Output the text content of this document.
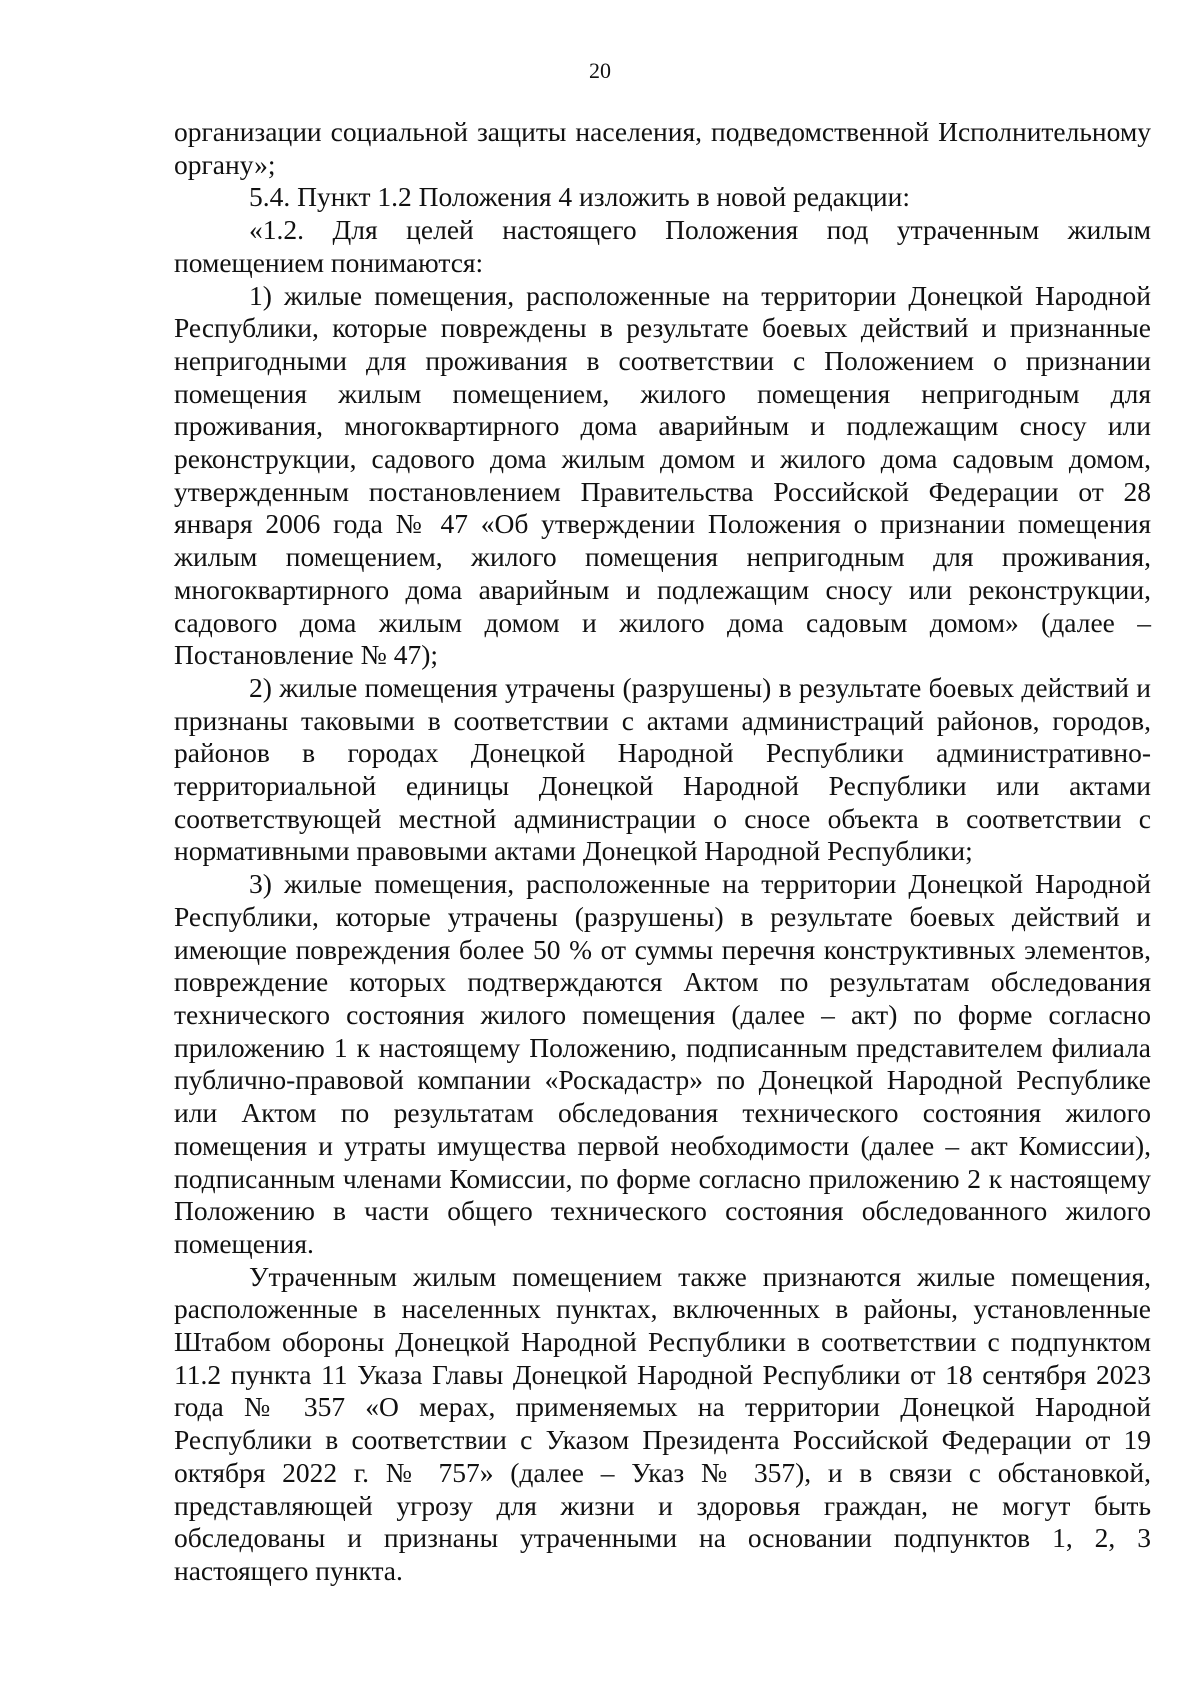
20

организации социальной защиты населения, подведомственной Исполнительному органу»;

5.4. Пункт 1.2 Положения 4 изложить в новой редакции:

«1.2. Для целей настоящего Положения под утраченным жилым помещением понимаются:

1) жилые помещения, расположенные на территории Донецкой Народной Республики, которые повреждены в результате боевых действий и признанные непригодными для проживания в соответствии с Положением о признании помещения жилым помещением, жилого помещения непригодным для проживания, многоквартирного дома аварийным и подлежащим сносу или реконструкции, садового дома жилым домом и жилого дома садовым домом, утвержденным постановлением Правительства Российской Федерации от 28 января 2006 года № 47 «Об утверждении Положения о признании помещения жилым помещением, жилого помещения непригодным для проживания, многоквартирного дома аварийным и подлежащим сносу или реконструкции, садового дома жилым домом и жилого дома садовым домом» (далее – Постановление № 47);

2) жилые помещения утрачены (разрушены) в результате боевых действий и признаны таковыми в соответствии с актами администраций районов, городов, районов в городах Донецкой Народной Республики административно-территориальной единицы Донецкой Народной Республики или актами соответствующей местной администрации о сносе объекта в соответствии с нормативными правовыми актами Донецкой Народной Республики;

3) жилые помещения, расположенные на территории Донецкой Народной Республики, которые утрачены (разрушены) в результате боевых действий и имеющие повреждения более 50 % от суммы перечня конструктивных элементов, повреждение которых подтверждаются Актом по результатам обследования технического состояния жилого помещения (далее – акт) по форме согласно приложению 1 к настоящему Положению, подписанным представителем филиала публично-правовой компании «Роскадастр» по Донецкой Народной Республике или Актом по результатам обследования технического состояния жилого помещения и утраты имущества первой необходимости (далее – акт Комиссии), подписанным членами Комиссии, по форме согласно приложению 2 к настоящему Положению в части общего технического состояния обследованного жилого помещения.

Утраченным жилым помещением также признаются жилые помещения, расположенные в населенных пунктах, включенных в районы, установленные Штабом обороны Донецкой Народной Республики в соответствии с подпунктом 11.2 пункта 11 Указа Главы Донецкой Народной Республики от 18 сентября 2023 года № 357 «О мерах, применяемых на территории Донецкой Народной Республики в соответствии с Указом Президента Российской Федерации от 19 октября 2022 г. № 757» (далее – Указ № 357), и в связи с обстановкой, представляющей угрозу для жизни и здоровья граждан, не могут быть обследованы и признаны утраченными на основании подпунктов 1, 2, 3 настоящего пункта.
